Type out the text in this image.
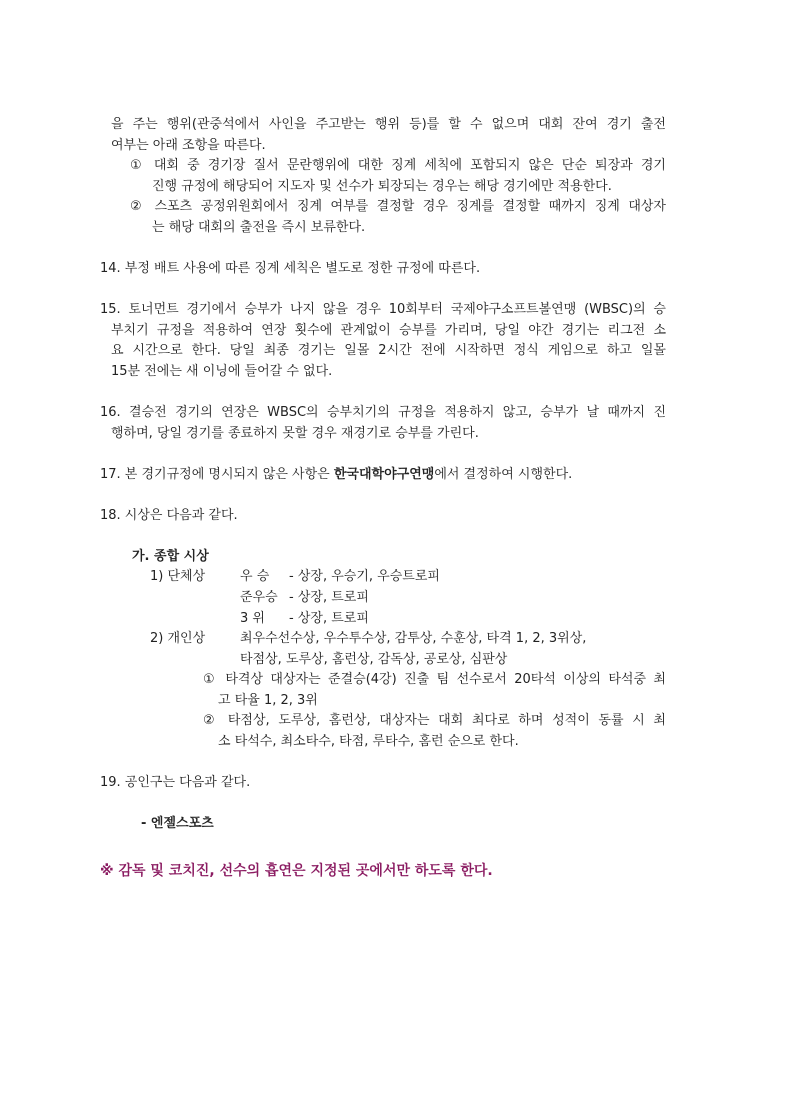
을 주는 행위(관중석에서 사인을 주고받는 행위 등)를 할 수 없으며 대회 잔여 경기 출전
여부는 아래 조항을 따른다.
① 대회 중 경기장 질서 문란행위에 대한 징계 세칙에 포함되지 않은 단순 퇴장과 경기
진행 규정에 해당되어 지도자 및 선수가 퇴장되는 경우는 해당 경기에만 적용한다.
② 스포츠 공정위원회에서 징계 여부를 결정할 경우 징계를 결정할 때까지 징계 대상자
는 해당 대회의 출전을 즉시 보류한다.
14. 부정 배트 사용에 따른 징계 세칙은 별도로 정한 규정에 따른다.
15. 토너먼트 경기에서 승부가 나지 않을 경우 10회부터 국제야구소프트볼연맹 (WBSC)의 승
부치기 규정을 적용하여 연장 횟수에 관계없이 승부를 가리며, 당일 야간 경기는 리그전 소
요 시간으로 한다. 당일 최종 경기는 일몰 2시간 전에 시작하면 정식 게임으로 하고 일몰
15분 전에는 새 이닝에 들어갈 수 없다.
16. 결승전 경기의 연장은 WBSC의 승부치기의 규정을 적용하지 않고, 승부가 날 때까지 진
행하며, 당일 경기를 종료하지 못할 경우 재경기로 승부를 가린다.
17. 본 경기규정에 명시되지 않은 사항은 한국대학야구연맹에서 결정하여 시행한다.
18. 시상은 다음과 같다.
가. 종합 시상
1) 단체상	우 승 - 상장, 우승기, 우승트로피
준우승 - 상장, 트로피
3 위 - 상장, 트로피
2) 개인상	최우수선수상, 우수투수상, 감투상, 수훈상, 타격 1, 2, 3위상,
타점상, 도루상, 홈런상, 감독상, 공로상, 심판상
① 타격상 대상자는 준결승(4강) 진출 팀 선수로서 20타석 이상의 타석중 최
고 타율 1, 2, 3위
② 타점상, 도루상, 홈런상, 대상자는 대회 최다로 하며 성적이 동률 시 최
소 타석수, 최소타수, 타점, 루타수, 홈런 순으로 한다.
19. 공인구는 다음과 같다.
- 엔젤스포츠
※ 감독 및 코치진, 선수의 흡연은 지정된 곳에서만 하도록 한다.
